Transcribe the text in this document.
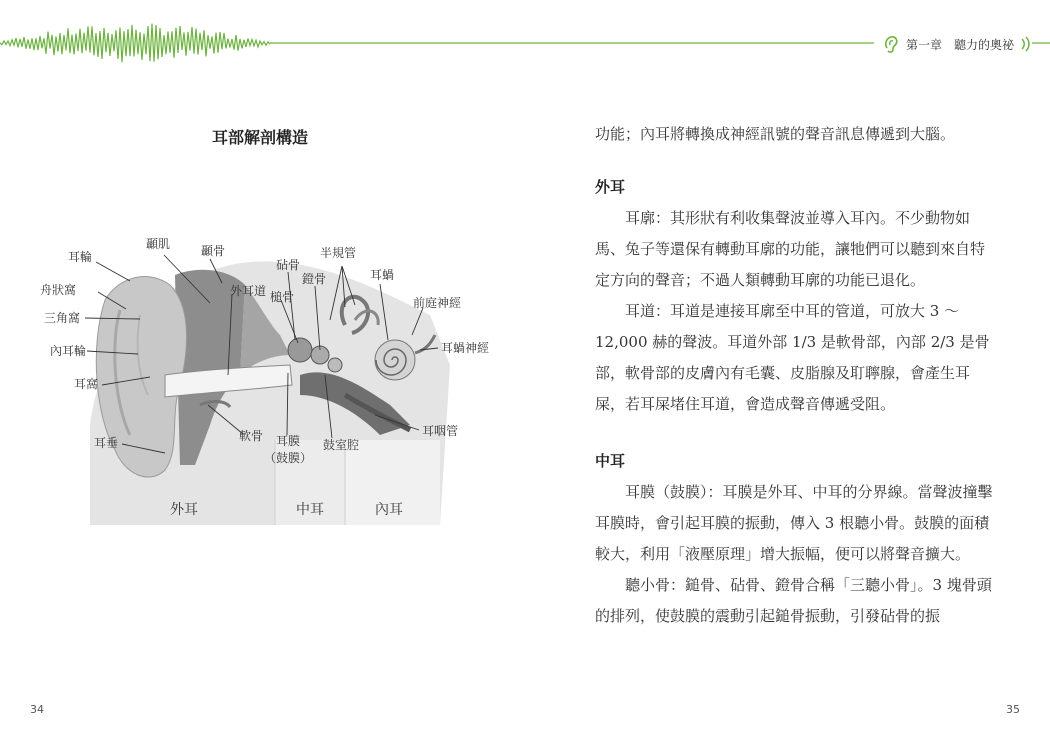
第一章　聽力的奧祕
耳部解剖構造
耳輪
舟狀窩
三角窩
內耳輪
耳窩
耳垂
顳肌	顳骨
外耳道
砧骨
槌骨
鐙骨
半規管
耳蝸
前庭神經
耳蝸神經
軟骨 耳膜
（鼓膜）
鼓室腔
耳咽管
外耳	中耳	內耳

功能；內耳將轉換成神經訊號的聲音訊息傳遞到大腦。

外耳

耳廓：其形狀有利收集聲波並導入耳內。不少動物如馬、兔子等還保有轉動耳廓的功能，讓牠們可以聽到來自特定方向的聲音；不過人類轉動耳廓的功能已退化。

耳道：耳道是連接耳廓至中耳的管道，可放大 3 ～ 12,000 赫的聲波。耳道外部 1/3 是軟骨部，內部 2/3 是骨部，軟骨部的皮膚內有毛囊、皮脂腺及耵聹腺，會產生耳屎，若耳屎堵住耳道，會造成聲音傳遞受阻。

中耳

耳膜（鼓膜）：耳膜是外耳、中耳的分界線。當聲波撞擊耳膜時，會引起耳膜的振動，傳入 3 根聽小骨。鼓膜的面積較大，利用「液壓原理」增大振幅，便可以將聲音擴大。

聽小骨：鎚骨、砧骨、鐙骨合稱「三聽小骨」。3 塊骨頭的排列，使鼓膜的震動引起鎚骨振動，引發砧骨的振

34	35
